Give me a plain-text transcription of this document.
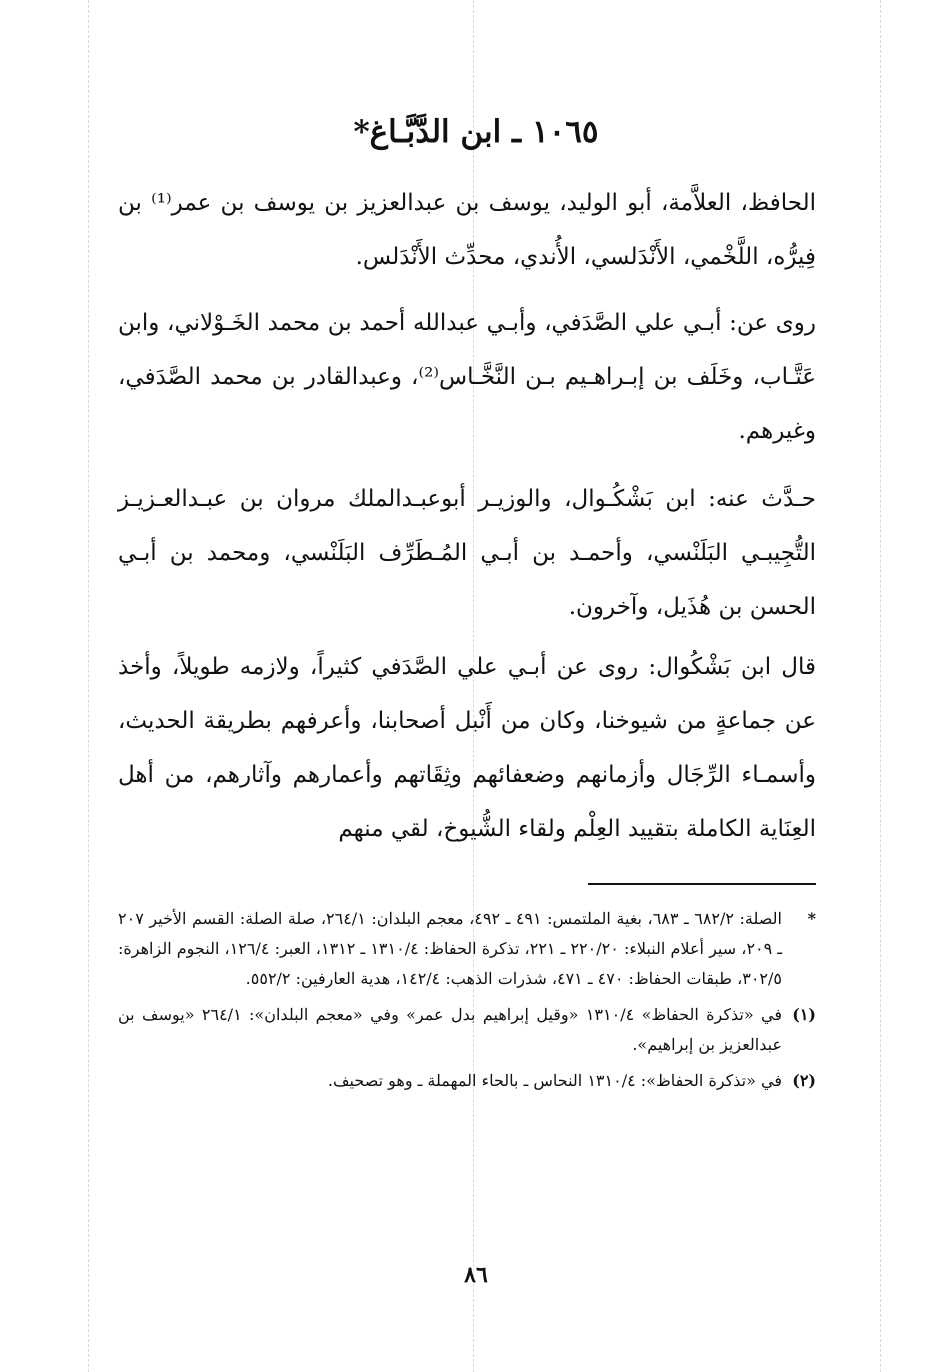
١٠٦٥ ـ ابن الدَّبَّـاغ*

الحافظ، العلاَّمة، أبو الوليد، يوسف بن عبدالعزيز بن يوسف بن عمر⁽¹⁾ بن فِيرُّه، اللَّخْمي، الأَنْدَلسي، الأُندي، محدِّث الأَنْدَلس.

روى عن: أبـي علي الصَّدَفي، وأبـي عبدالله أحمد بن محمد الخَـوْلاني، وابن عَتَّـاب، وخَلَف بن إبـراهـيم بـن النَّخَّـاس⁽²⁾، وعبدالقادر بن محمد الصَّدَفي، وغيرهم.

حـدَّث عنه: ابن بَشْكُـوال، والوزيـر أبوعبـدالملك مروان بن عبـدالعـزيـز التُّجِيبـي البَلَنْسي، وأحمـد بن أبـي المُـطَرِّف البَلَنْسي، ومحمد بن أبـي الحسن بن هُذَيل، وآخرون.

قال ابن بَشْكُوال: روى عن أبـي علي الصَّدَفي كثيراً، ولازمه طويلاً، وأخذ عن جماعةٍ من شيوخنا، وكان من أَنْبل أصحابنا، وأعرفهم بطريقة الحديث، وأسمـاء الرِّجَال وأزمانهم وضعفائهم وثِقَاتهم وأعمارهم وآثارهم، من أهل العِنَاية الكاملة بتقييد العِلْم ولقاء الشُّيوخ، لقي منهم

*
الصلة: ٦٨٢/٢ ـ ٦٨٣، بغية الملتمس: ٤٩١ ـ ٤٩٢، معجم البلدان: ٢٦٤/١، صلة الصلة: القسم الأخير ٢٠٧ ـ ٢٠٩، سير أعلام النبلاء: ٢٢٠/٢٠ ـ ٢٢١، تذكرة الحفاظ: ١٣١٠/٤ ـ ١٣١٢، العبر: ١٢٦/٤، النجوم الزاهرة: ٣٠٢/٥، طبقات الحفاظ: ٤٧٠ ـ ٤٧١، شذرات الذهب: ١٤٢/٤، هدية العارفين: ٥٥٢/٢.
(١)
في «تذكرة الحفاظ» ١٣١٠/٤ «وقيل إبراهيم بدل عمر» وفي «معجم البلدان»: ٢٦٤/١ «يوسف بن عبدالعزيز بن إبراهيم».
(٢)
في «تذكرة الحفاظ»: ١٣١٠/٤ النحاس ـ بالحاء المهملة ـ وهو تصحيف.
٨٦
